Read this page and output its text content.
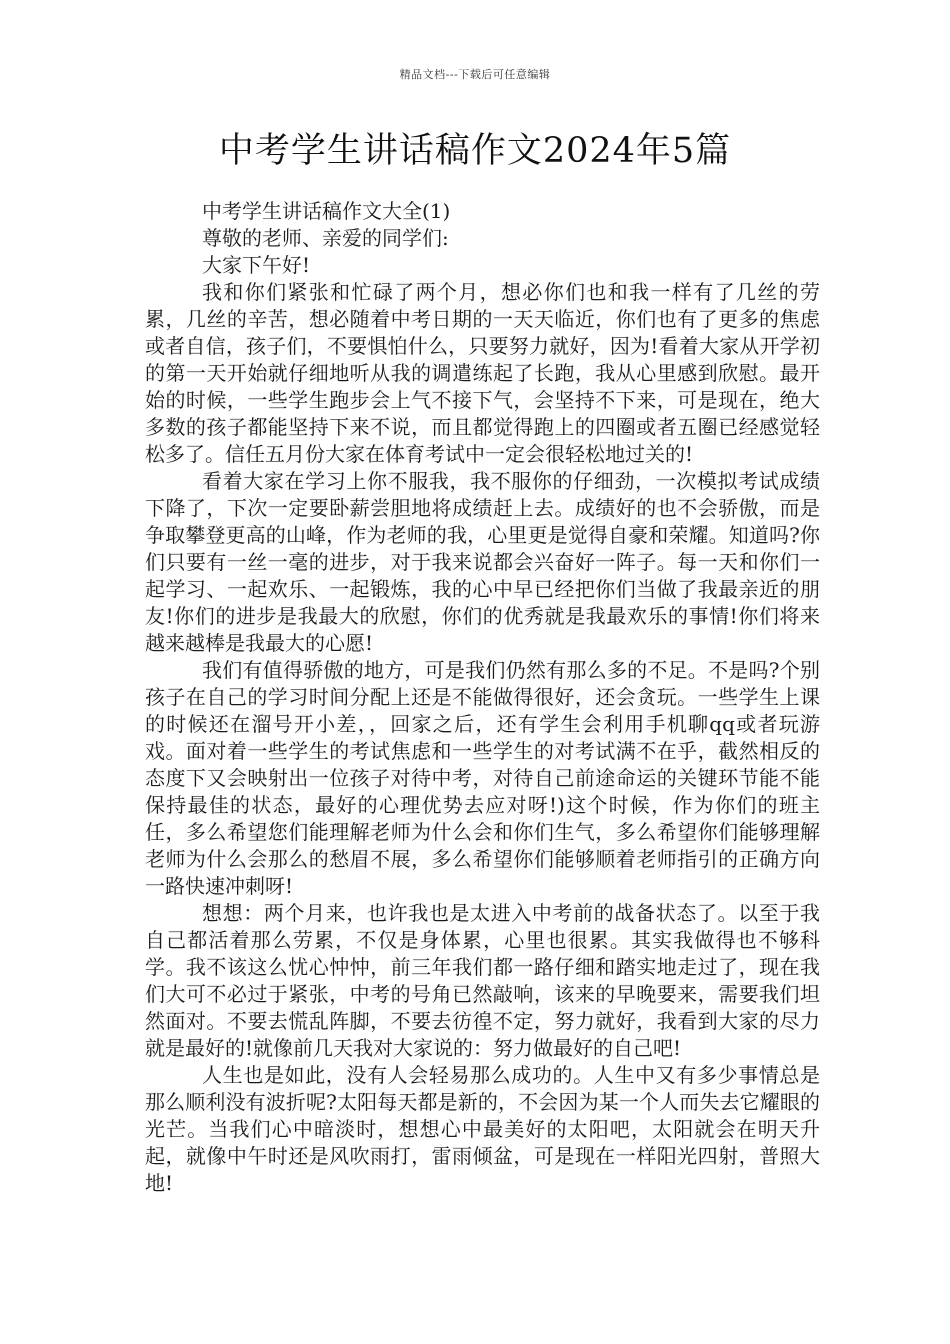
精品文档---下载后可任意编辑
中考学生讲话稿作文2024年5篇

中考学生讲话稿作文大全(1)

尊敬的老师、亲爱的同学们:

大家下午好!

我和你们紧张和忙碌了两个月，想必你们也和我一样有了几丝的劳累，几丝的辛苦，想必随着中考日期的一天天临近，你们也有了更多的焦虑或者自信，孩子们，不要惧怕什么，只要努力就好，因为!看着大家从开学初的第一天开始就仔细地听从我的调遣练起了长跑，我从心里感到欣慰。最开始的时候，一些学生跑步会上气不接下气，会坚持不下来，可是现在，绝大多数的孩子都能坚持下来不说，而且都觉得跑上的四圈或者五圈已经感觉轻松多了。信任五月份大家在体育考试中一定会很轻松地过关的!

看着大家在学习上你不服我，我不服你的仔细劲，一次模拟考试成绩下降了，下次一定要卧薪尝胆地将成绩赶上去。成绩好的也不会骄傲，而是争取攀登更高的山峰，作为老师的我，心里更是觉得自豪和荣耀。知道吗?你们只要有一丝一毫的进步，对于我来说都会兴奋好一阵子。每一天和你们一起学习、一起欢乐、一起锻炼，我的心中早已经把你们当做了我最亲近的朋友!你们的进步是我最大的欣慰，你们的优秀就是我最欢乐的事情!你们将来越来越棒是我最大的心愿!

我们有值得骄傲的地方，可是我们仍然有那么多的不足。不是吗?个别孩子在自己的学习时间分配上还是不能做得很好，还会贪玩。一些学生上课的时候还在溜号开小差，，回家之后，还有学生会利用手机聊qq或者玩游戏。面对着一些学生的考试焦虑和一些学生的对考试满不在乎，截然相反的态度下又会映射出一位孩子对待中考，对待自己前途命运的关键环节能不能保持最佳的状态，最好的心理优势去应对呀!)这个时候，作为你们的班主任，多么希望您们能理解老师为什么会和你们生气，多么希望你们能够理解老师为什么会那么的愁眉不展，多么希望你们能够顺着老师指引的正确方向一路快速冲刺呀!

想想：两个月来，也许我也是太进入中考前的战备状态了。以至于我自己都活着那么劳累，不仅是身体累，心里也很累。其实我做得也不够科学。我不该这么忧心忡忡，前三年我们都一路仔细和踏实地走过了，现在我们大可不必过于紧张，中考的号角已然敲响，该来的早晚要来，需要我们坦然面对。不要去慌乱阵脚，不要去彷徨不定，努力就好，我看到大家的尽力就是最好的!就像前几天我对大家说的：努力做最好的自己吧!

人生也是如此，没有人会轻易那么成功的。人生中又有多少事情总是那么顺利没有波折呢?太阳每天都是新的，不会因为某一个人而失去它耀眼的光芒。当我们心中暗淡时，想想心中最美好的太阳吧，太阳就会在明天升起，就像中午时还是风吹雨打，雷雨倾盆，可是现在一样阳光四射，普照大地!
